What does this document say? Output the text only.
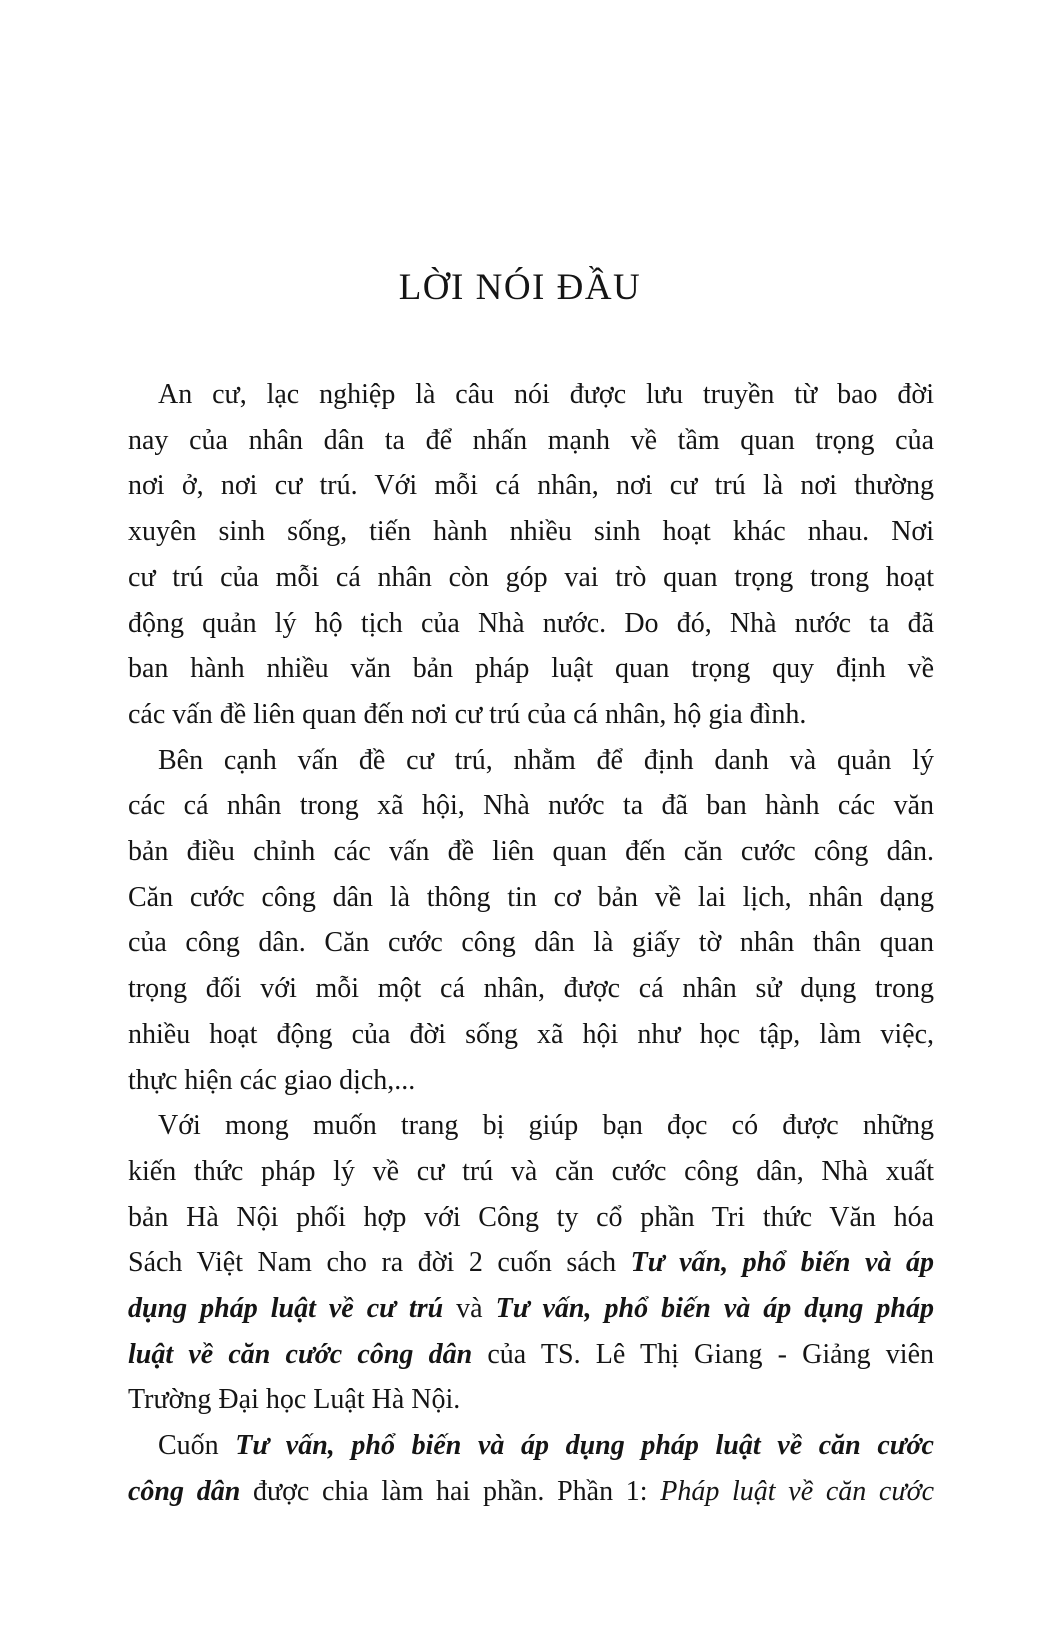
LỜI NÓI ĐẦU
An cư, lạc nghiệp là câu nói được lưu truyền từ bao đời
nay của nhân dân ta để nhấn mạnh về tầm quan trọng của
nơi ở, nơi cư trú. Với mỗi cá nhân, nơi cư trú là nơi thường
xuyên sinh sống, tiến hành nhiều sinh hoạt khác nhau. Nơi
cư trú của mỗi cá nhân còn góp vai trò quan trọng trong hoạt
động quản lý hộ tịch của Nhà nước. Do đó, Nhà nước ta đã
ban hành nhiều văn bản pháp luật quan trọng quy định về
các vấn đề liên quan đến nơi cư trú của cá nhân, hộ gia đình.
Bên cạnh vấn đề cư trú, nhằm để định danh và quản lý
các cá nhân trong xã hội, Nhà nước ta đã ban hành các văn
bản điều chỉnh các vấn đề liên quan đến căn cước công dân.
Căn cước công dân là thông tin cơ bản về lai lịch, nhân dạng
của công dân. Căn cước công dân là giấy tờ nhân thân quan
trọng đối với mỗi một cá nhân, được cá nhân sử dụng trong
nhiều hoạt động của đời sống xã hội như học tập, làm việc,
thực hiện các giao dịch,...
Với mong muốn trang bị giúp bạn đọc có được những
kiến thức pháp lý về cư trú và căn cước công dân, Nhà xuất
bản Hà Nội phối hợp với Công ty cổ phần Tri thức Văn hóa
Sách Việt Nam cho ra đời 2 cuốn sách Tư vấn, phổ biến và áp
dụng pháp luật về cư trú và Tư vấn, phổ biến và áp dụng pháp
luật về căn cước công dân của TS. Lê Thị Giang - Giảng viên
Trường Đại học Luật Hà Nội.
Cuốn Tư vấn, phổ biến và áp dụng pháp luật về căn cước
công dân được chia làm hai phần. Phần 1: Pháp luật về căn cước
